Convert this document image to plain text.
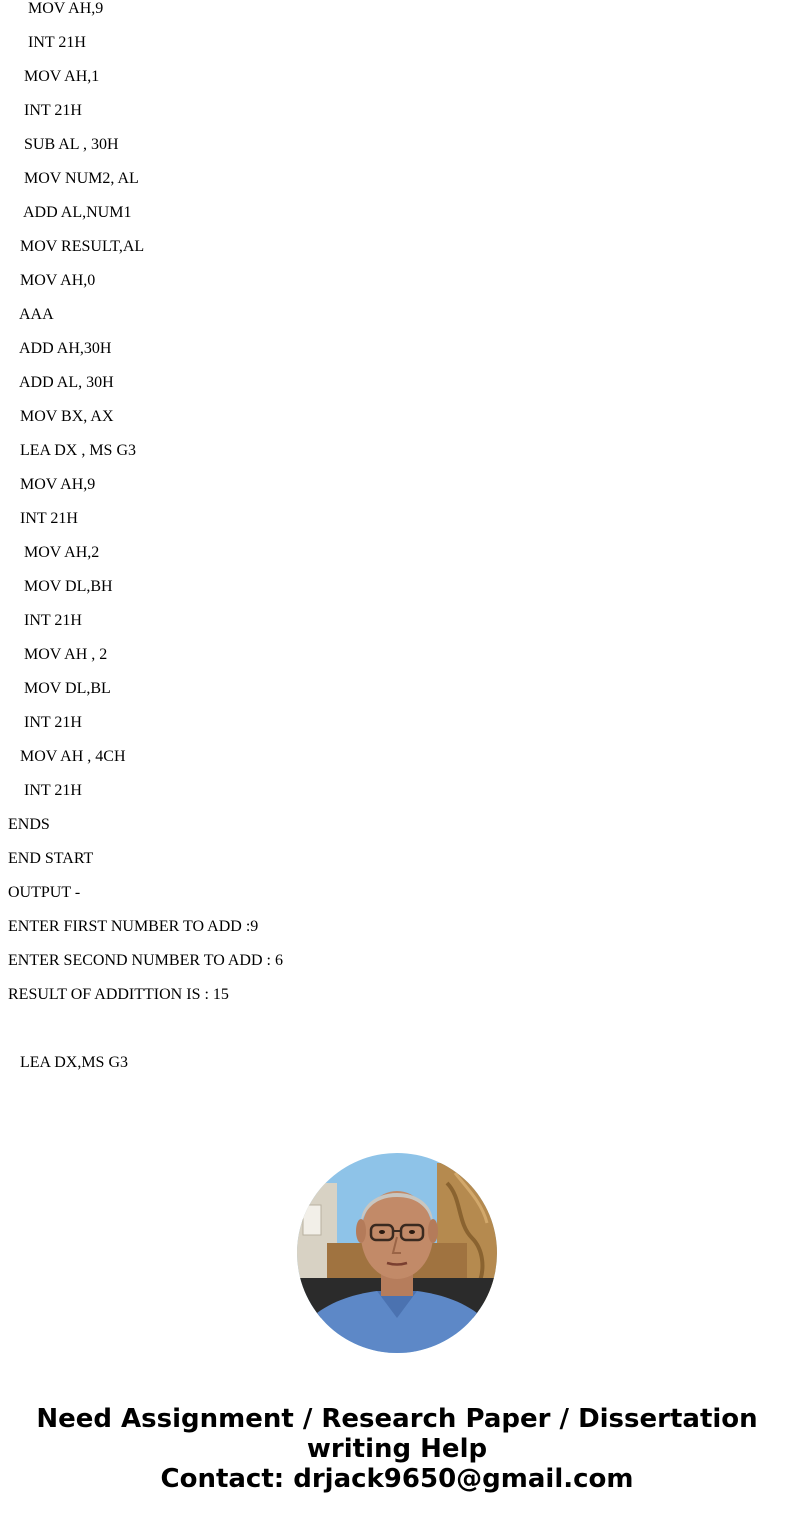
MOV AH,9
INT 21H
MOV AH,1
INT 21H
SUB AL , 30H
MOV NUM2, AL
ADD AL,NUM1
MOV RESULT,AL
MOV AH,0
AAA
ADD AH,30H
ADD AL, 30H
MOV BX, AX
LEA DX , MS G3
MOV AH,9
INT 21H
MOV AH,2
MOV DL,BH
INT 21H
MOV AH , 2
MOV DL,BL
INT 21H
MOV AH , 4CH
INT 21H
ENDS
END START
OUTPUT -
ENTER FIRST NUMBER TO ADD :9
ENTER SECOND NUMBER TO ADD : 6
RESULT OF ADDITTION IS : 15
LEA DX,MS G3
Need Assignment / Research Paper / Dissertation
writing Help
Contact: drjack9650@gmail.com
